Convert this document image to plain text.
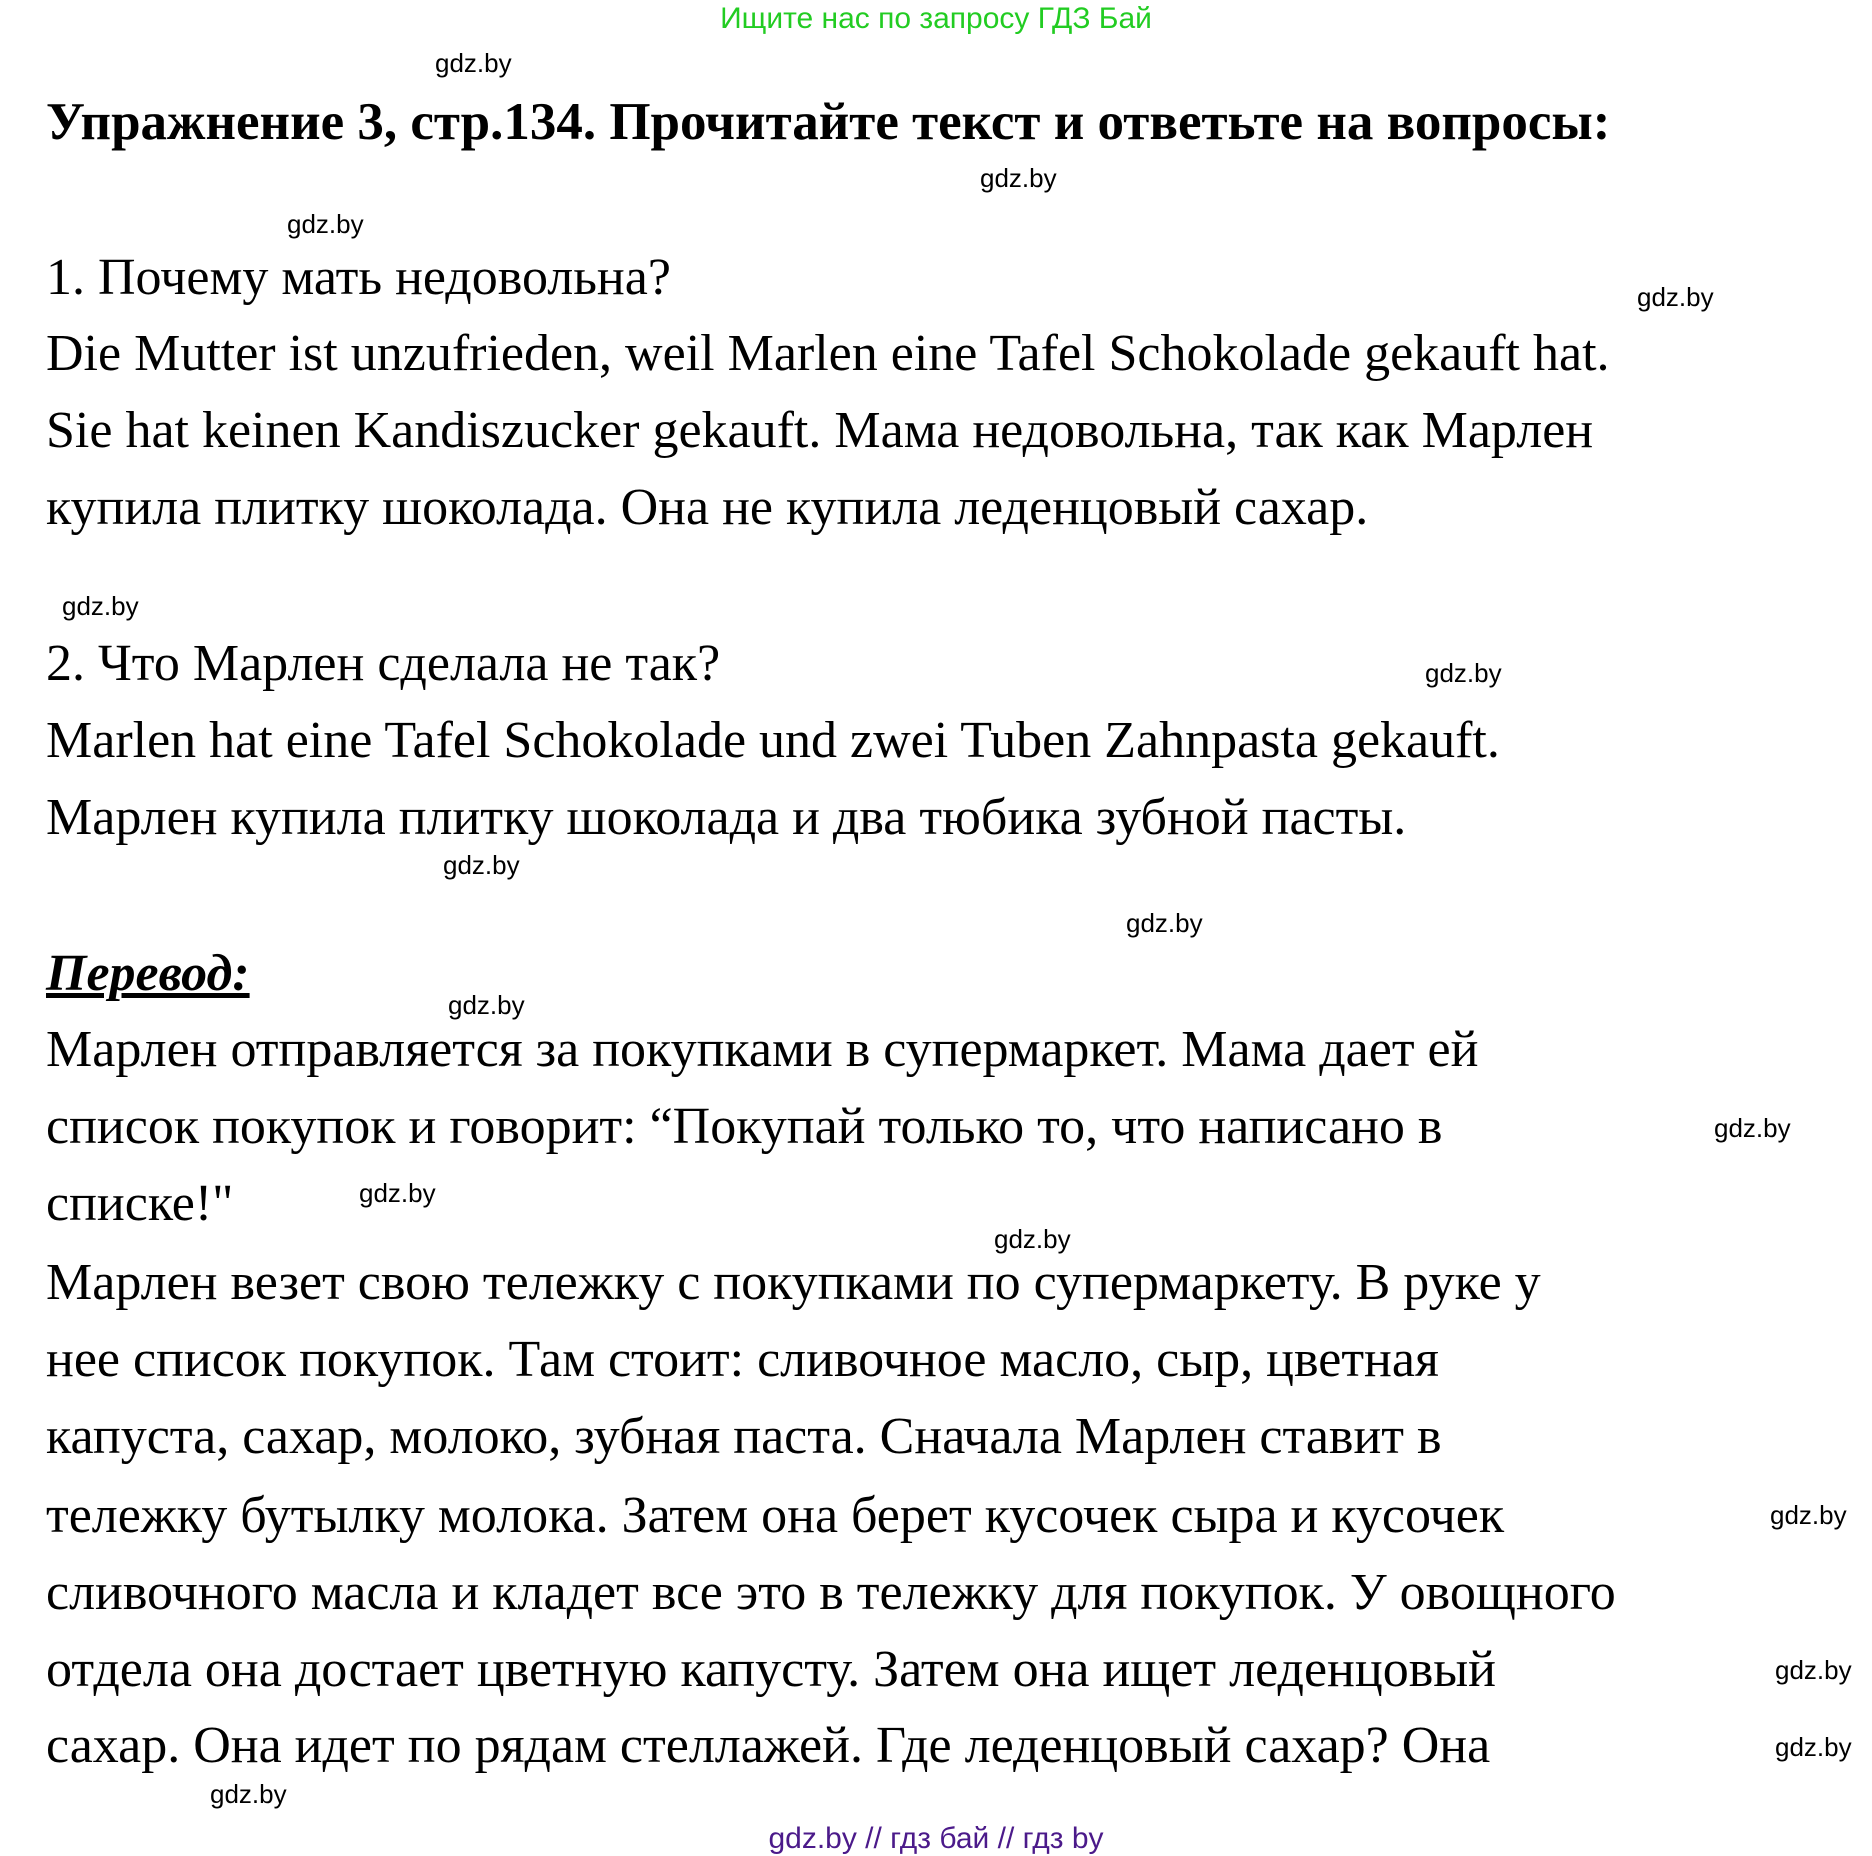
Ищите нас по запросу ГДЗ Бай
Упражнение 3, стр.134. Прочитайте текст и ответьте на вопросы:
1. Почему мать недовольна?
Die Mutter ist unzufrieden, weil Marlen eine Tafel Schokolade gekauft hat.
Sie hat keinen Kandiszucker gekauft. Мама недовольна, так как Марлен
купила плитку шоколада. Она не купила леденцовый сахар.
2. Что Марлен сделала не так?
Marlen hat eine Tafel Schokolade und zwei Tuben Zahnpasta gekauft.
Марлен купила плитку шоколада и два тюбика зубной пасты.
Перевод:
Марлен отправляется за покупками в супермаркет. Мама дает ей
список покупок и говорит: “Покупай только то, что написано в
списке!"
Марлен везет свою тележку с покупками по супермаркету. В руке у
нее список покупок. Там стоит: сливочное масло, сыр, цветная
капуста, сахар, молоко, зубная паста. Сначала Марлен ставит в
тележку бутылку молока. Затем она берет кусочек сыра и кусочек
сливочного масла и кладет все это в тележку для покупок. У овощного
отдела она достает цветную капусту. Затем она ищет леденцовый
сахар. Она идет по рядам стеллажей. Где леденцовый сахар? Она
gdz.by
gdz.by
gdz.by
gdz.by
gdz.by
gdz.by
gdz.by
gdz.by
gdz.by
gdz.by
gdz.by
gdz.by
gdz.by
gdz.by
gdz.by
gdz.by
gdz.by // гдз бай // гдз by
